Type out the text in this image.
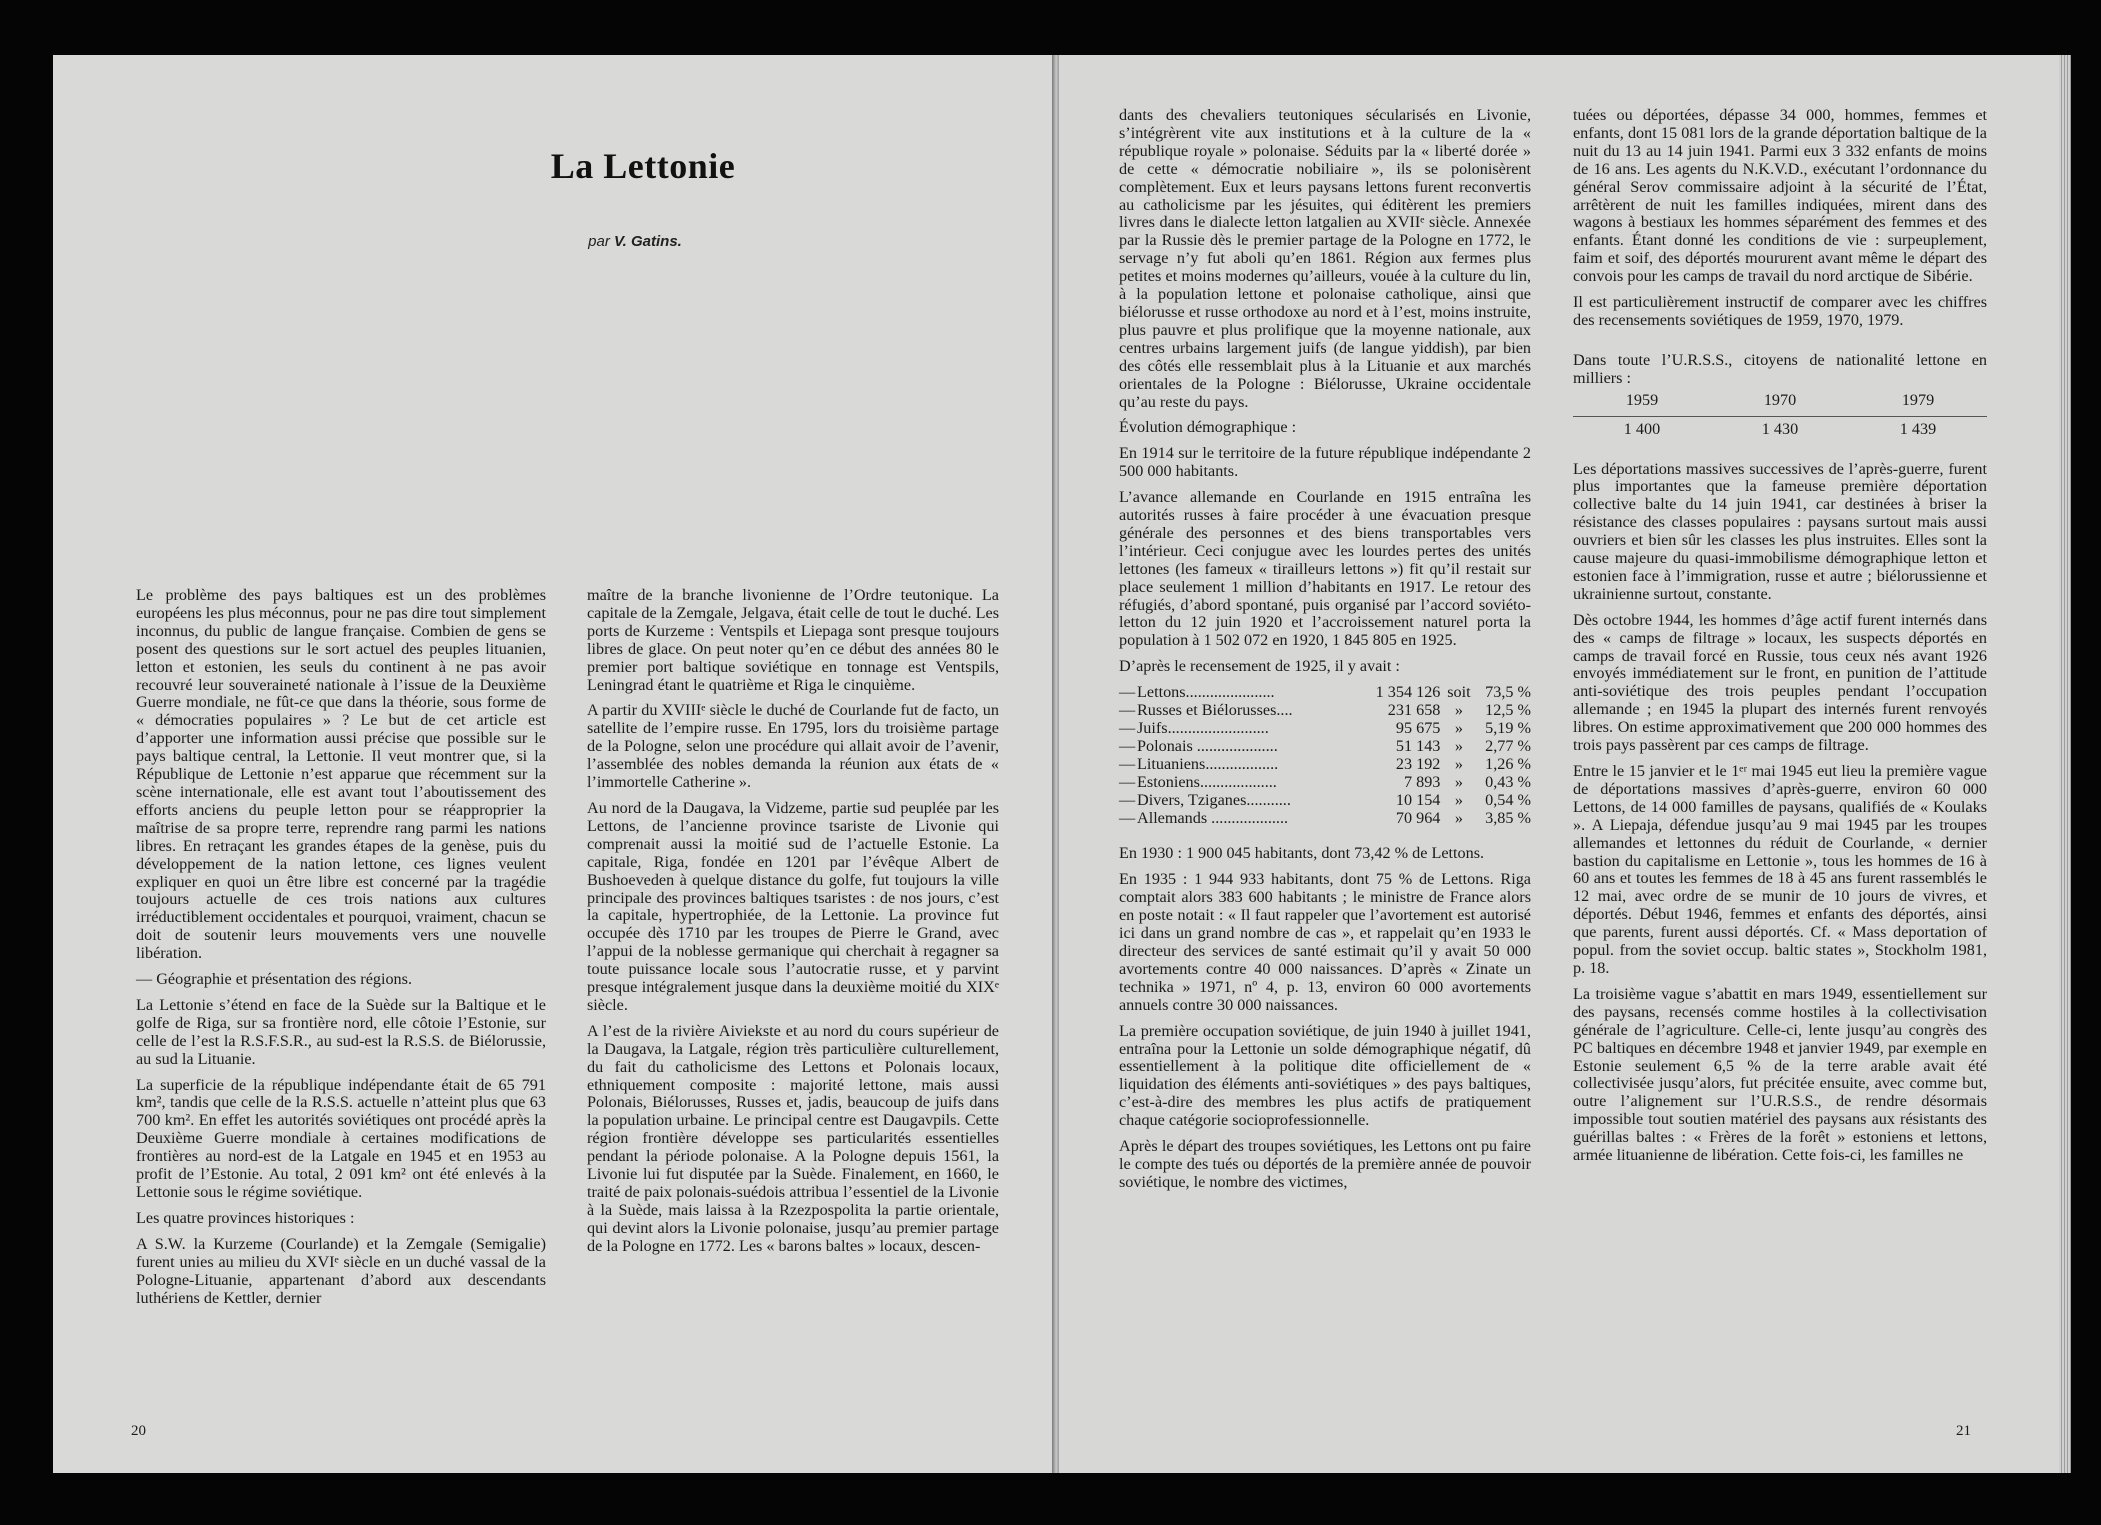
La Lettonie

par V. Gatins.

Le problème des pays baltiques est un des problèmes européens les plus méconnus, pour ne pas dire tout simplement inconnus, du public de langue française. Combien de gens se posent des questions sur le sort actuel des peuples lituanien, letton et estonien, les seuls du continent à ne pas avoir recouvré leur souveraineté nationale à l’issue de la Deuxième Guerre mondiale, ne fût-ce que dans la théorie, sous forme de « démocraties populaires » ? Le but de cet article est d’apporter une information aussi précise que possible sur le pays baltique central, la Lettonie. Il veut montrer que, si la République de Lettonie n’est apparue que récemment sur la scène internationale, elle est avant tout l’aboutissement des efforts anciens du peuple letton pour se réapproprier la maîtrise de sa propre terre, reprendre rang parmi les nations libres. En retraçant les grandes étapes de la genèse, puis du développement de la nation lettone, ces lignes veulent expliquer en quoi un être libre est concerné par la tragédie toujours actuelle de ces trois nations aux cultures irréductiblement occidentales et pourquoi, vraiment, chacun se doit de soutenir leurs mouvements vers une nouvelle libération.

— Géographie et présentation des régions.

La Lettonie s’étend en face de la Suède sur la Baltique et le golfe de Riga, sur sa frontière nord, elle côtoie l’Estonie, sur celle de l’est la R.S.F.S.R., au sud-est la R.S.S. de Biélorussie, au sud la Lituanie.

La superficie de la république indépendante était de 65 791 km², tandis que celle de la R.S.S. actuelle n’atteint plus que 63 700 km². En effet les autorités soviétiques ont procédé après la Deuxième Guerre mondiale à certaines modifications de frontières au nord-est de la Latgale en 1945 et en 1953 au profit de l’Estonie. Au total, 2 091 km² ont été enlevés à la Lettonie sous le régime soviétique.

Les quatre provinces historiques :

A S.W. la Kurzeme (Courlande) et la Zemgale (Semigalie) furent unies au milieu du XVIᵉ siècle en un duché vassal de la Pologne-Lituanie, appartenant d’abord aux descendants luthériens de Kettler, dernier

maître de la branche livonienne de l’Ordre teutonique. La capitale de la Zemgale, Jelgava, était celle de tout le duché. Les ports de Kurzeme : Ventspils et Liepaga sont presque toujours libres de glace. On peut noter qu’en ce début des années 80 le premier port baltique soviétique en tonnage est Ventspils, Leningrad étant le quatrième et Riga le cinquième.

A partir du XVIIIᵉ siècle le duché de Courlande fut de facto, un satellite de l’empire russe. En 1795, lors du troisième partage de la Pologne, selon une procédure qui allait avoir de l’avenir, l’assemblée des nobles demanda la réunion aux états de « l’immortelle Catherine ».

Au nord de la Daugava, la Vidzeme, partie sud peuplée par les Lettons, de l’ancienne province tsariste de Livonie qui comprenait aussi la moitié sud de l’actuelle Estonie. La capitale, Riga, fondée en 1201 par l’évêque Albert de Bushoeveden à quelque distance du golfe, fut toujours la ville principale des provinces baltiques tsaristes : de nos jours, c’est la capitale, hypertrophiée, de la Lettonie. La province fut occupée dès 1710 par les troupes de Pierre le Grand, avec l’appui de la noblesse germanique qui cherchait à regagner sa toute puissance locale sous l’autocratie russe, et y parvint presque intégralement jusque dans la deuxième moitié du XIXᵉ siècle.

A l’est de la rivière Aiviekste et au nord du cours supérieur de la Daugava, la Latgale, région très particulière culturellement, du fait du catholicisme des Lettons et Polonais locaux, ethniquement composite : majorité lettone, mais aussi Polonais, Biélorusses, Russes et, jadis, beaucoup de juifs dans la population urbaine. Le principal centre est Daugavpils. Cette région frontière développe ses particularités essentielles pendant la période polonaise. A la Pologne depuis 1561, la Livonie lui fut disputée par la Suède. Finalement, en 1660, le traité de paix polonais-suédois attribua l’essentiel de la Livonie à la Suède, mais laissa à la Rzezpospolita la partie orientale, qui devint alors la Livonie polonaise, jusqu’au premier partage de la Pologne en 1772. Les « barons baltes » locaux, descen-

20

dants des chevaliers teutoniques sécularisés en Livonie, s’intégrèrent vite aux institutions et à la culture de la « république royale » polonaise. Séduits par la « liberté dorée » de cette « démocratie nobiliaire », ils se polonisèrent complètement. Eux et leurs paysans lettons furent reconvertis au catholicisme par les jésuites, qui éditèrent les premiers livres dans le dialecte letton latgalien au XVIIᵉ siècle. Annexée par la Russie dès le premier partage de la Pologne en 1772, le servage n’y fut aboli qu’en 1861. Région aux fermes plus petites et moins modernes qu’ailleurs, vouée à la culture du lin, à la population lettone et polonaise catholique, ainsi que biélorusse et russe orthodoxe au nord et à l’est, moins instruite, plus pauvre et plus prolifique que la moyenne nationale, aux centres urbains largement juifs (de langue yiddish), par bien des côtés elle ressemblait plus à la Lituanie et aux marchés orientales de la Pologne : Biélorusse, Ukraine occidentale qu’au reste du pays.

Évolution démographique :

En 1914 sur le territoire de la future république indépendante 2 500 000 habitants.

L’avance allemande en Courlande en 1915 entraîna les autorités russes à faire procéder à une évacuation presque générale des personnes et des biens transportables vers l’intérieur. Ceci conjugue avec les lourdes pertes des unités lettones (les fameux « tirailleurs lettons ») fit qu’il restait sur place seulement 1 million d’habitants en 1917. Le retour des réfugiés, d’abord spontané, puis organisé par l’accord soviéto-letton du 12 juin 1920 et l’accroissement naturel porta la population à 1 502 072 en 1920, 1 845 805 en 1925.

D’après le recensement de 1925, il y avait :

—	Lettons......................	1 354 126	soit	73,5 %
—	Russes et Biélorusses....	231 658	»	12,5 %
—	Juifs.........................	95 675	»	5,19 %
—	Polonais ....................	51 143	»	2,77 %
—	Lituaniens..................	23 192	»	1,26 %
—	Estoniens...................	7 893	»	0,43 %
—	Divers, Tziganes...........	10 154	»	0,54 %
—	Allemands ...................	70 964	»	3,85 %

En 1930 : 1 900 045 habitants, dont 73,42 % de Lettons.

En 1935 : 1 944 933 habitants, dont 75 % de Lettons. Riga comptait alors 383 600 habitants ; le ministre de France alors en poste notait : « Il faut rappeler que l’avortement est autorisé ici dans un grand nombre de cas », et rappelait qu’en 1933 le directeur des services de santé estimait qu’il y avait 50 000 avortements contre 40 000 naissances. D’après « Zinate un technika » 1971, nº 4, p. 13, environ 60 000 avortements annuels contre 30 000 naissances.

La première occupation soviétique, de juin 1940 à juillet 1941, entraîna pour la Lettonie un solde démographique négatif, dû essentiellement à la politique dite officiellement de « liquidation des éléments anti-soviétiques » des pays baltiques, c’est-à-dire des membres les plus actifs de pratiquement chaque catégorie socioprofessionnelle.

Après le départ des troupes soviétiques, les Lettons ont pu faire le compte des tués ou déportés de la première année de pouvoir soviétique, le nombre des victimes,

tuées ou déportées, dépasse 34 000, hommes, femmes et enfants, dont 15 081 lors de la grande déportation baltique de la nuit du 13 au 14 juin 1941. Parmi eux 3 332 enfants de moins de 16 ans. Les agents du N.K.V.D., exécutant l’ordonnance du général Serov commissaire adjoint à la sécurité de l’État, arrêtèrent de nuit les familles indiquées, mirent dans des wagons à bestiaux les hommes séparément des femmes et des enfants. Étant donné les conditions de vie : surpeuplement, faim et soif, des déportés moururent avant même le départ des convois pour les camps de travail du nord arctique de Sibérie.

Il est particulièrement instructif de comparer avec les chiffres des recensements soviétiques de 1959, 1970, 1979.

Dans toute l’U.R.S.S., citoyens de nationalité lettone en milliers :

1959	1970	1979

1 400	1 430	1 439

Les déportations massives successives de l’après-guerre, furent plus importantes que la fameuse première déportation collective balte du 14 juin 1941, car destinées à briser la résistance des classes populaires : paysans surtout mais aussi ouvriers et bien sûr les classes les plus instruites. Elles sont la cause majeure du quasi-immobilisme démographique letton et estonien face à l’immigration, russe et autre ; biélorussienne et ukrainienne surtout, constante.

Dès octobre 1944, les hommes d’âge actif furent internés dans des « camps de filtrage » locaux, les suspects déportés en camps de travail forcé en Russie, tous ceux nés avant 1926 envoyés immédiatement sur le front, en punition de l’attitude anti-soviétique des trois peuples pendant l’occupation allemande ; en 1945 la plupart des internés furent renvoyés libres. On estime approximativement que 200 000 hommes des trois pays passèrent par ces camps de filtrage.

Entre le 15 janvier et le 1ᵉʳ mai 1945 eut lieu la première vague de déportations massives d’après-guerre, environ 60 000 Lettons, de 14 000 familles de paysans, qualifiés de « Koulaks ». A Liepaja, défendue jusqu’au 9 mai 1945 par les troupes allemandes et lettonnes du réduit de Courlande, « dernier bastion du capitalisme en Lettonie », tous les hommes de 16 à 60 ans et toutes les femmes de 18 à 45 ans furent rassemblés le 12 mai, avec ordre de se munir de 10 jours de vivres, et déportés. Début 1946, femmes et enfants des déportés, ainsi que parents, furent aussi déportés. Cf. « Mass deportation of popul. from the soviet occup. baltic states », Stockholm 1981, p. 18.

La troisième vague s’abattit en mars 1949, essentiellement sur des paysans, recensés comme hostiles à la collectivisation générale de l’agriculture. Celle-ci, lente jusqu’au congrès des PC baltiques en décembre 1948 et janvier 1949, par exemple en Estonie seulement 6,5 % de la terre arable avait été collectivisée jusqu’alors, fut précitée ensuite, avec comme but, outre l’alignement sur l’U.R.S.S., de rendre désormais impossible tout soutien matériel des paysans aux résistants des guérillas baltes : « Frères de la forêt » estoniens et lettons, armée lituanienne de libération. Cette fois-ci, les familles ne

21
